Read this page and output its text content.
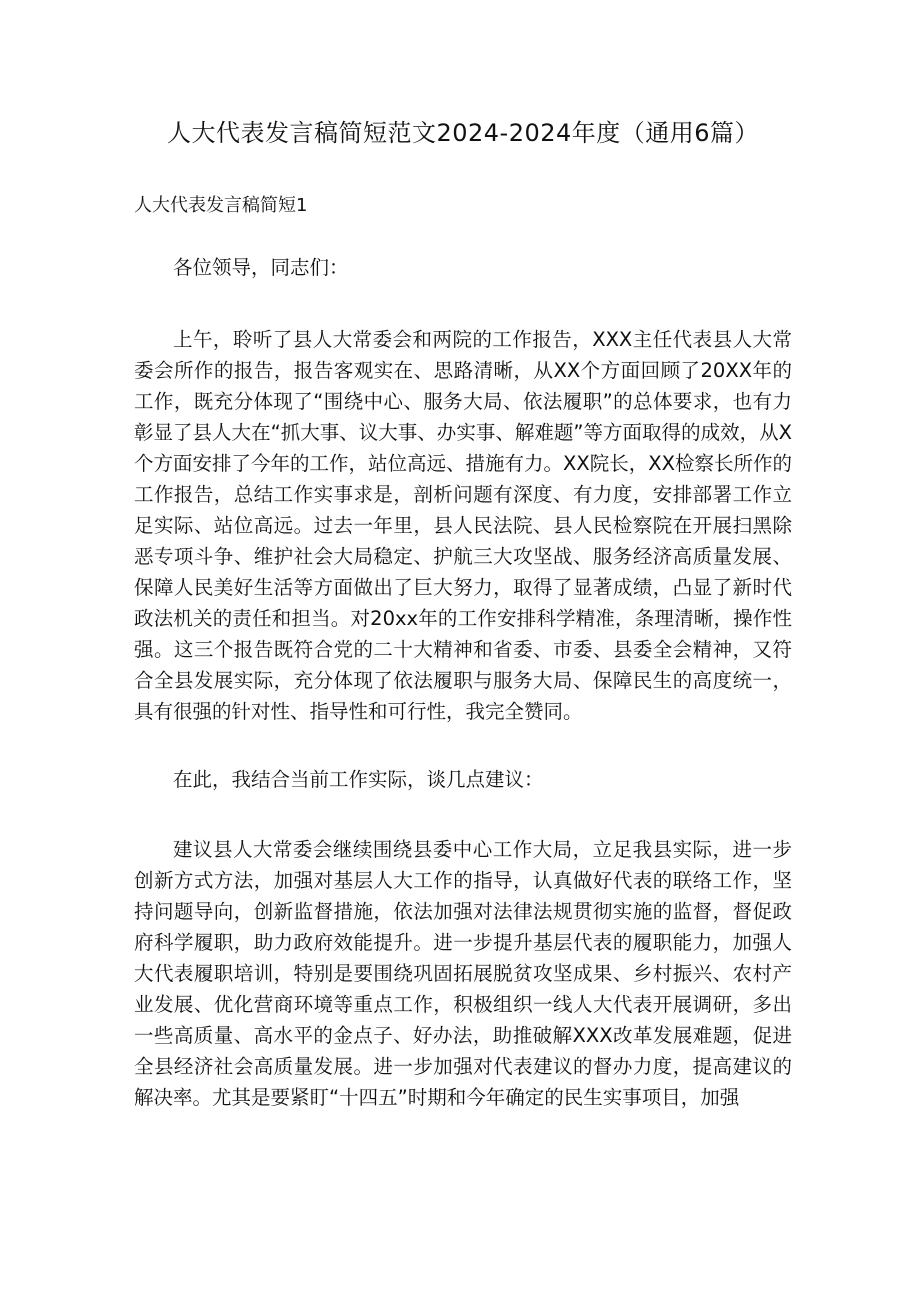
人大代表发言稿简短范文2024-2024年度（通用6篇）
人大代表发言稿简短1

各位领导，同志们：

上午，聆听了县人大常委会和两院的工作报告，XXX主任代表县人大常委会所作的报告，报告客观实在、思路清晰，从XX个方面回顾了20XX年的工作，既充分体现了“围绕中心、服务大局、依法履职”的总体要求，也有力彰显了县人大在“抓大事、议大事、办实事、解难题”等方面取得的成效，从X个方面安排了今年的工作，站位高远、措施有力。XX院长，XX检察长所作的工作报告，总结工作实事求是，剖析问题有深度、有力度，安排部署工作立足实际、站位高远。过去一年里，县人民法院、县人民检察院在开展扫黑除恶专项斗争、维护社会大局稳定、护航三大攻坚战、服务经济高质量发展、保障人民美好生活等方面做出了巨大努力，取得了显著成绩，凸显了新时代政法机关的责任和担当。对20xx年的工作安排科学精准，条理清晰，操作性强。这三个报告既符合党的二十大精神和省委、市委、县委全会精神，又符合全县发展实际，充分体现了依法履职与服务大局、保障民生的高度统一，具有很强的针对性、指导性和可行性，我完全赞同。

在此，我结合当前工作实际，谈几点建议：

建议县人大常委会继续围绕县委中心工作大局，立足我县实际，进一步创新方式方法，加强对基层人大工作的指导，认真做好代表的联络工作，坚持问题导向，创新监督措施，依法加强对法律法规贯彻实施的监督，督促政府科学履职，助力政府效能提升。进一步提升基层代表的履职能力，加强人大代表履职培训，特别是要围绕巩固拓展脱贫攻坚成果、乡村振兴、农村产业发展、优化营商环境等重点工作，积极组织一线人大代表开展调研，多出一些高质量、高水平的金点子、好办法，助推破解XXX改革发展难题，促进全县经济社会高质量发展。进一步加强对代表建议的督办力度，提高建议的解决率。尤其是要紧盯“十四五”时期和今年确定的民生实事项目，加强
